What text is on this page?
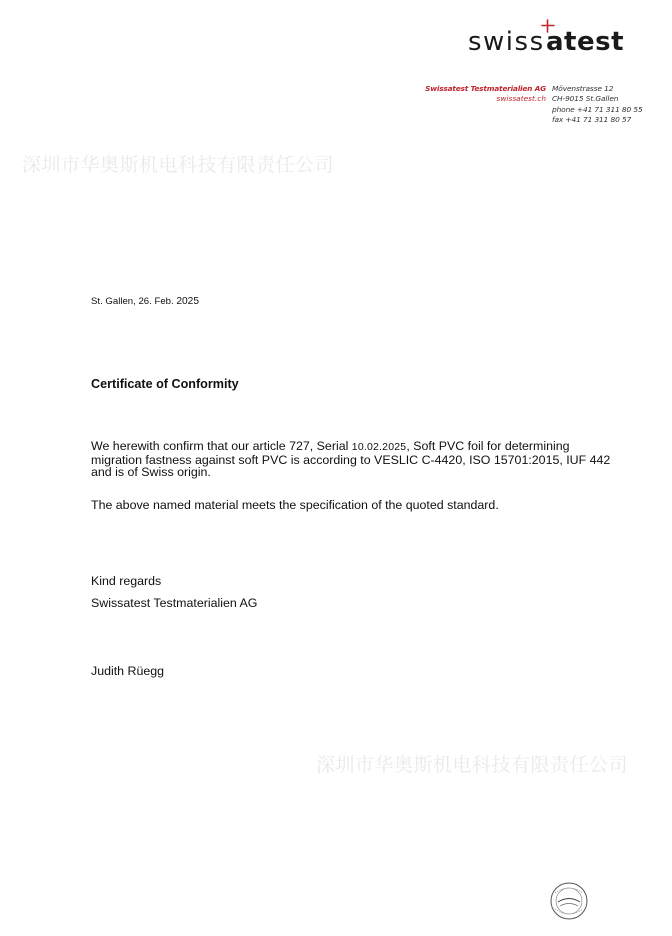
swiss atest
Swissatest Testmaterialien AG
swissatest.ch
Mövenstrasse 12
CH-9015 St.Gallen
phone +41 71 311 80 55
fax +41 71 311 80 57
深圳市华奥斯机电科技有限责任公司
深圳市华奥斯机电科技有限责任公司
St. Gallen, 26. Feb. 2025
Certificate of Conformity
We herewith confirm that our article 727, Serial 10.02.2025, Soft PVC foil for determining migration fastness against soft PVC is according to VESLIC C-4420, ISO 15701:2015, IUF 442 and is of Swiss origin.
The above named material meets the specification of the quoted standard.
Kind regards
Swissatest Testmaterialien AG
Judith Rüegg
